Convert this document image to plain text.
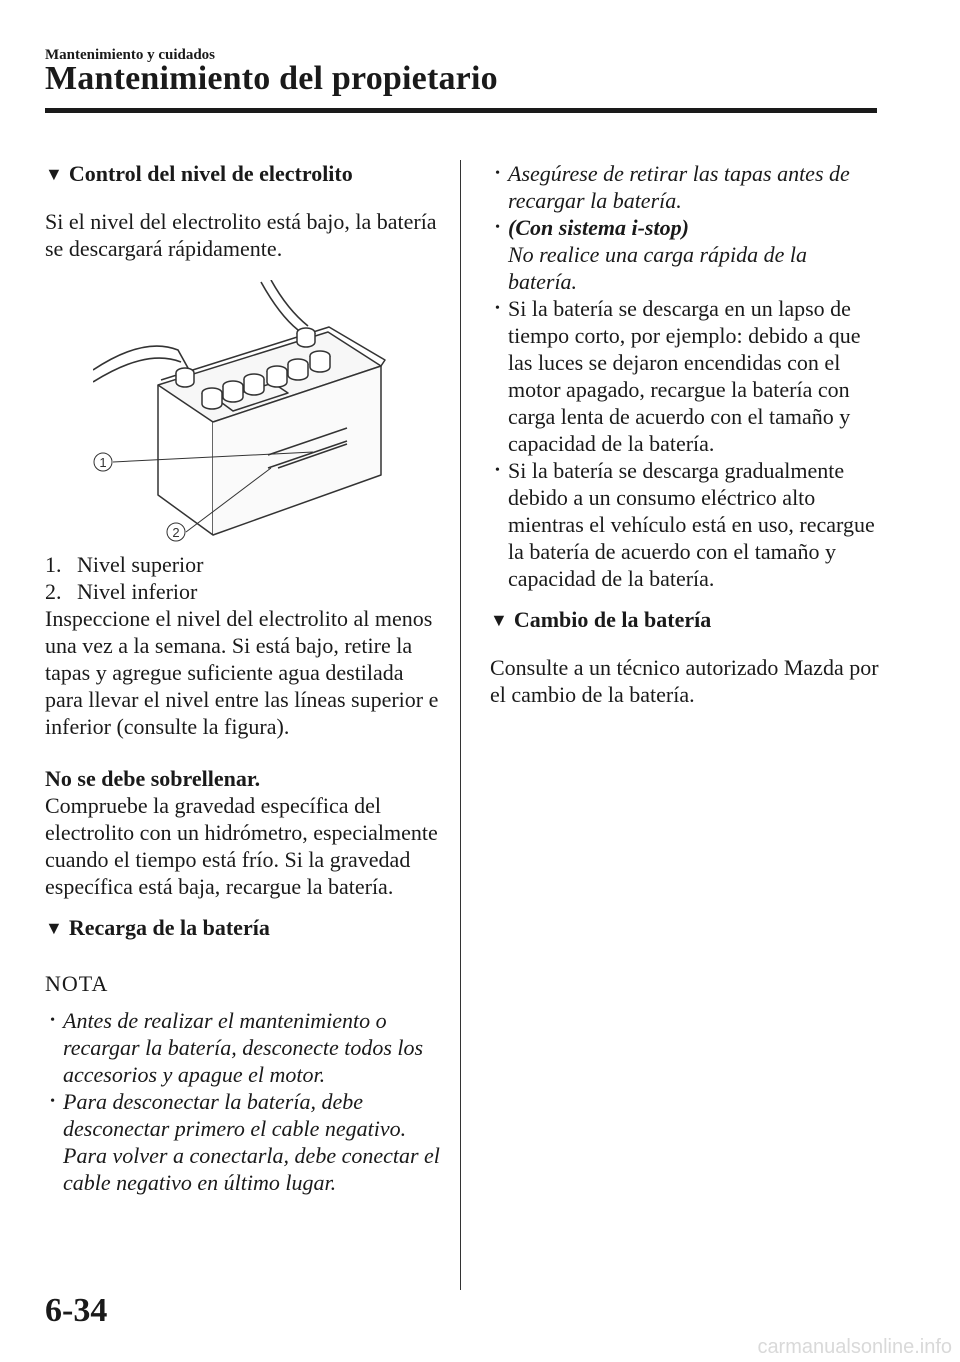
Mantenimiento y cuidados
Mantenimiento del propietario
▼ Control del nivel de electrolito

Si el nivel del electrolito está bajo, la batería se descargará rápidamente.

1
2
1. Nivel superior
2. Nivel inferior

Inspeccione el nivel del electrolito al menos una vez a la semana. Si está bajo, retire la tapas y agregue suficiente agua destilada para llevar el nivel entre las líneas superior e inferior (consulte la figura).

No se debe sobrellenar.

Compruebe la gravedad específica del electrolito con un hidrómetro, especialmente cuando el tiempo está frío. Si la gravedad específica está baja, recargue la batería.

▼ Recarga de la batería

NOTA

• Antes de realizar el mantenimiento o recargar la batería, desconecte todos los accesorios y apague el motor.
• Para desconectar la batería, debe desconectar primero el cable negativo. Para volver a conectarla, debe conectar el cable negativo en último lugar.
• Asegúrese de retirar las tapas antes de recargar la batería.
• (Con sistema i-stop)
No realice una carga rápida de la batería.
• Si la batería se descarga en un lapso de tiempo corto, por ejemplo: debido a que las luces se dejaron encendidas con el motor apagado, recargue la batería con carga lenta de acuerdo con el tamaño y capacidad de la batería.
• Si la batería se descarga gradualmente debido a un consumo eléctrico alto mientras el vehículo está en uso, recargue la batería de acuerdo con el tamaño y capacidad de la batería.
▼ Cambio de la batería

Consulte a un técnico autorizado Mazda por el cambio de la batería.

6-34
carmanualsonline.info
